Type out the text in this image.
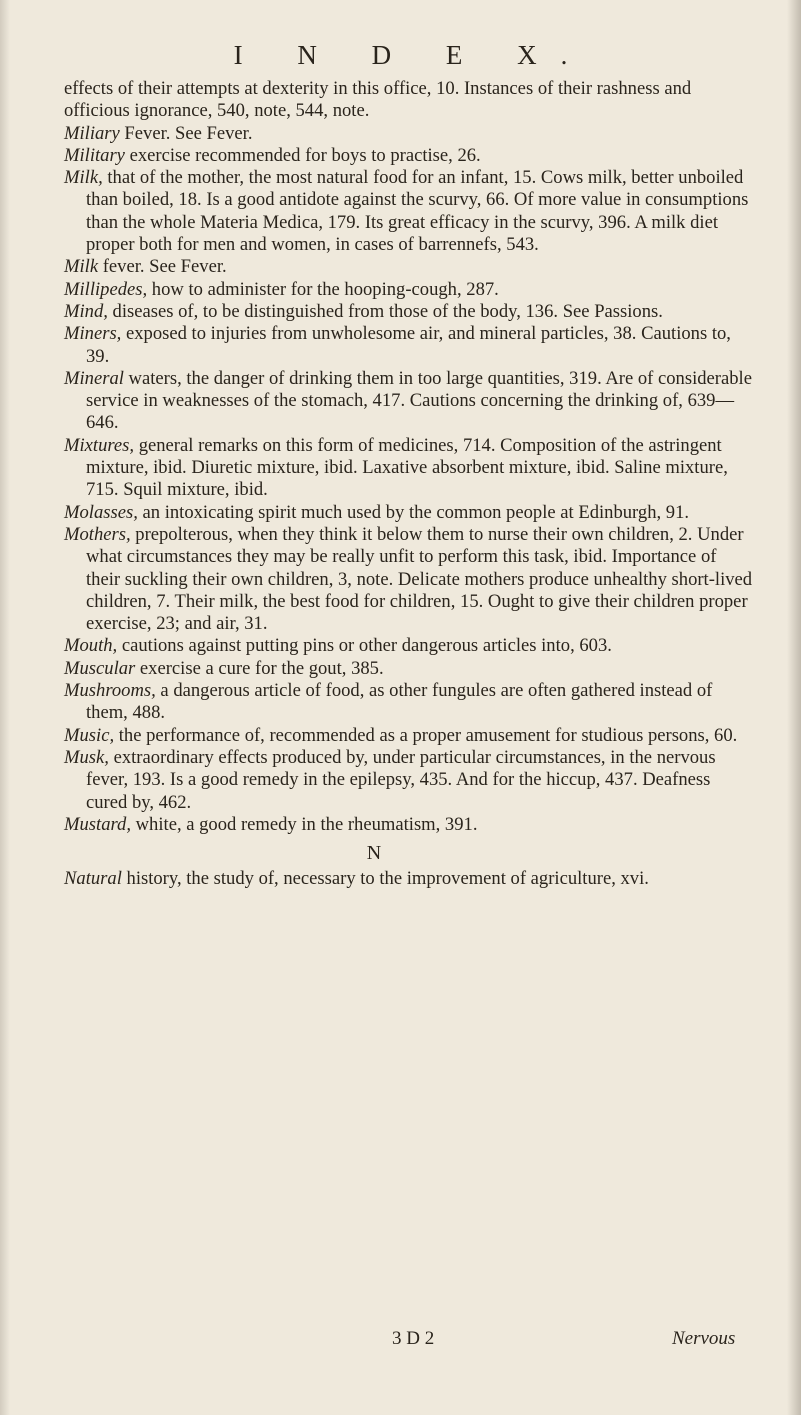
I N D E X.

effects of their attempts at dexterity in this office, 10. Instances of their rashness and officious ignorance, 540, note, 544, note.

Miliary Fever. See Fever.

Military exercise recommended for boys to practise, 26.

Milk, that of the mother, the most natural food for an infant, 15. Cows milk, better unboiled than boiled, 18. Is a good antidote against the scurvy, 66. Of more value in consumptions than the whole Materia Medica, 179. Its great efficacy in the scurvy, 396. A milk diet proper both for men and women, in cases of barrennefs, 543.

Milk fever. See Fever.

Millipedes, how to administer for the hooping-cough, 287.

Mind, diseases of, to be distinguished from those of the body, 136. See Passions.

Miners, exposed to injuries from unwholesome air, and mineral particles, 38. Cautions to, 39.

Mineral waters, the danger of drinking them in too large quantities, 319. Are of considerable service in weaknesses of the stomach, 417. Cautions concerning the drinking of, 639—646.

Mixtures, general remarks on this form of medicines, 714. Composition of the astringent mixture, ibid. Diuretic mixture, ibid. Laxative absorbent mixture, ibid. Saline mixture, 715. Squil mixture, ibid.

Molasses, an intoxicating spirit much used by the common people at Edinburgh, 91.

Mothers, prepolterous, when they think it below them to nurse their own children, 2. Under what circumstances they may be really unfit to perform this task, ibid. Importance of their suckling their own children, 3, note. Delicate mothers produce unhealthy short-lived children, 7. Their milk, the best food for children, 15. Ought to give their children proper exercise, 23; and air, 31.

Mouth, cautions against putting pins or other dangerous articles into, 603.

Muscular exercise a cure for the gout, 385.

Mushrooms, a dangerous article of food, as other fungules are often gathered instead of them, 488.

Music, the performance of, recommended as a proper amusement for studious persons, 60.

Musk, extraordinary effects produced by, under particular circumstances, in the nervous fever, 193. Is a good remedy in the epilepsy, 435. And for the hiccup, 437. Deafness cured by, 462.

Mustard, white, a good remedy in the rheumatism, 391.

N

Natural history, the study of, necessary to the improvement of agriculture, xvi.

3 D 2	Nervous
